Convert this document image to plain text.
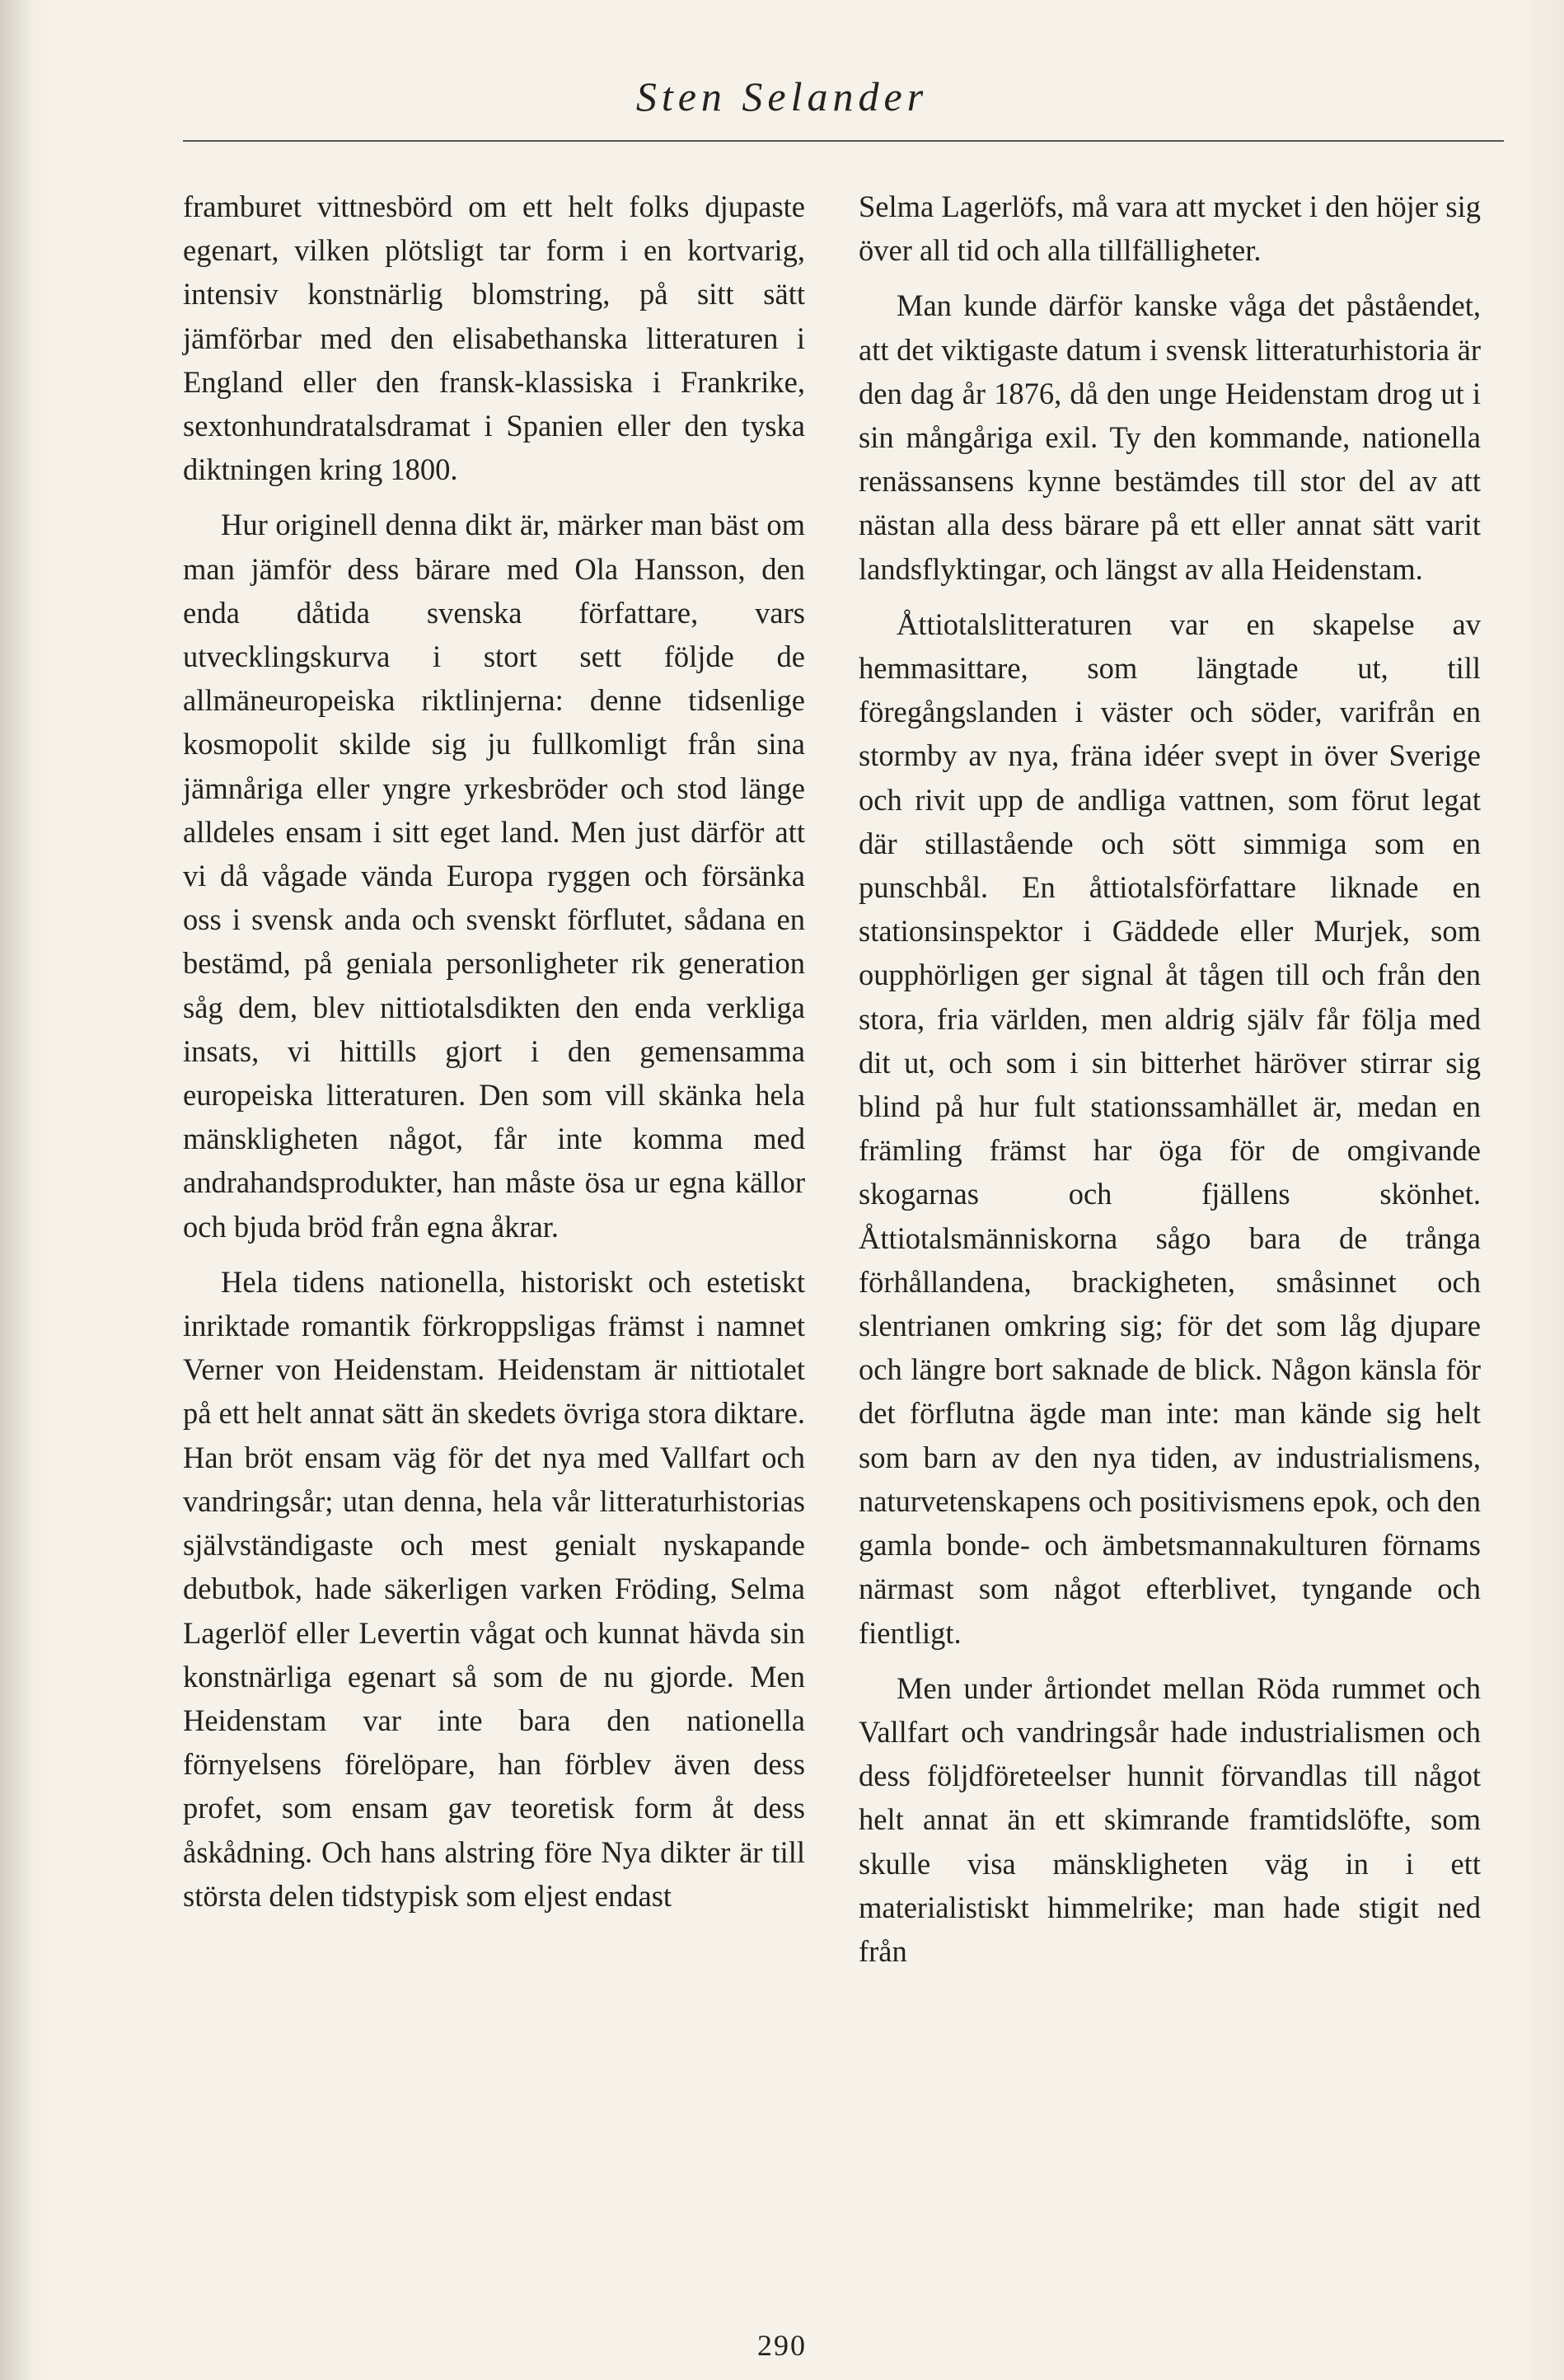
Sten Selander

framburet vittnesbörd om ett helt folks djupaste egenart, vilken plötsligt tar form i en kortvarig, intensiv konstnärlig blomstring, på sitt sätt jämförbar med den elisabethanska litteraturen i England eller den fransk-klassiska i Frankrike, sextonhundratalsdramat i Spanien eller den tyska diktningen kring 1800.

Hur originell denna dikt är, märker man bäst om man jämför dess bärare med Ola Hansson, den enda dåtida svenska författare, vars utvecklingskurva i stort sett följde de allmäneuropeiska riktlinjerna: denne tidsenlige kosmopolit skilde sig ju fullkomligt från sina jämnåriga eller yngre yrkesbröder och stod länge alldeles ensam i sitt eget land. Men just därför att vi då vågade vända Europa ryggen och försänka oss i svensk anda och svenskt förflutet, sådana en bestämd, på geniala personligheter rik generation såg dem, blev nittiotalsdikten den enda verkliga insats, vi hittills gjort i den gemensamma europeiska litteraturen. Den som vill skänka hela mänskligheten något, får inte komma med andrahandsprodukter, han måste ösa ur egna källor och bjuda bröd från egna åkrar.

Hela tidens nationella, historiskt och estetiskt inriktade romantik förkroppsligas främst i namnet Verner von Heidenstam. Heidenstam är nittiotalet på ett helt annat sätt än skedets övriga stora diktare. Han bröt ensam väg för det nya med Vallfart och vandringsår; utan denna, hela vår litteraturhistorias självständigaste och mest genialt nyskapande debutbok, hade säkerligen varken Fröding, Selma Lagerlöf eller Levertin vågat och kunnat hävda sin konstnärliga egenart så som de nu gjorde. Men Heidenstam var inte bara den nationella förnyelsens förelöpare, han förblev även dess profet, som ensam gav teoretisk form åt dess åskådning. Och hans alstring före Nya dikter är till största delen tidstypisk som eljest endast

Selma Lagerlöfs, må vara att mycket i den höjer sig över all tid och alla tillfälligheter.

Man kunde därför kanske våga det påståendet, att det viktigaste datum i svensk litteraturhistoria är den dag år 1876, då den unge Heidenstam drog ut i sin mångåriga exil. Ty den kommande, nationella renässansens kynne bestämdes till stor del av att nästan alla dess bärare på ett eller annat sätt varit landsflyktingar, och längst av alla Heidenstam.

Åttiotalslitteraturen var en skapelse av hemmasittare, som längtade ut, till föregångslanden i väster och söder, varifrån en stormby av nya, fräna idéer svept in över Sverige och rivit upp de andliga vattnen, som förut legat där stillastående och sött simmiga som en punschbål. En åttiotalsförfattare liknade en stationsinspektor i Gäddede eller Murjek, som oupphörligen ger signal åt tågen till och från den stora, fria världen, men aldrig själv får följa med dit ut, och som i sin bitterhet häröver stirrar sig blind på hur fult stationssamhället är, medan en främling främst har öga för de omgivande skogarnas och fjällens skönhet. Åttiotalsmänniskorna sågo bara de trånga förhållandena, brackigheten, småsinnet och slentrianen omkring sig; för det som låg djupare och längre bort saknade de blick. Någon känsla för det förflutna ägde man inte: man kände sig helt som barn av den nya tiden, av industrialismens, naturvetenskapens och positivismens epok, och den gamla bonde- och ämbetsmannakulturen förnams närmast som något efterblivet, tyngande och fientligt.

Men under årtiondet mellan Röda rummet och Vallfart och vandringsår hade industrialismen och dess följdföreteelser hunnit förvandlas till något helt annat än ett skimrande framtidslöfte, som skulle visa mänskligheten väg in i ett materialistiskt himmelrike; man hade stigit ned från

290
